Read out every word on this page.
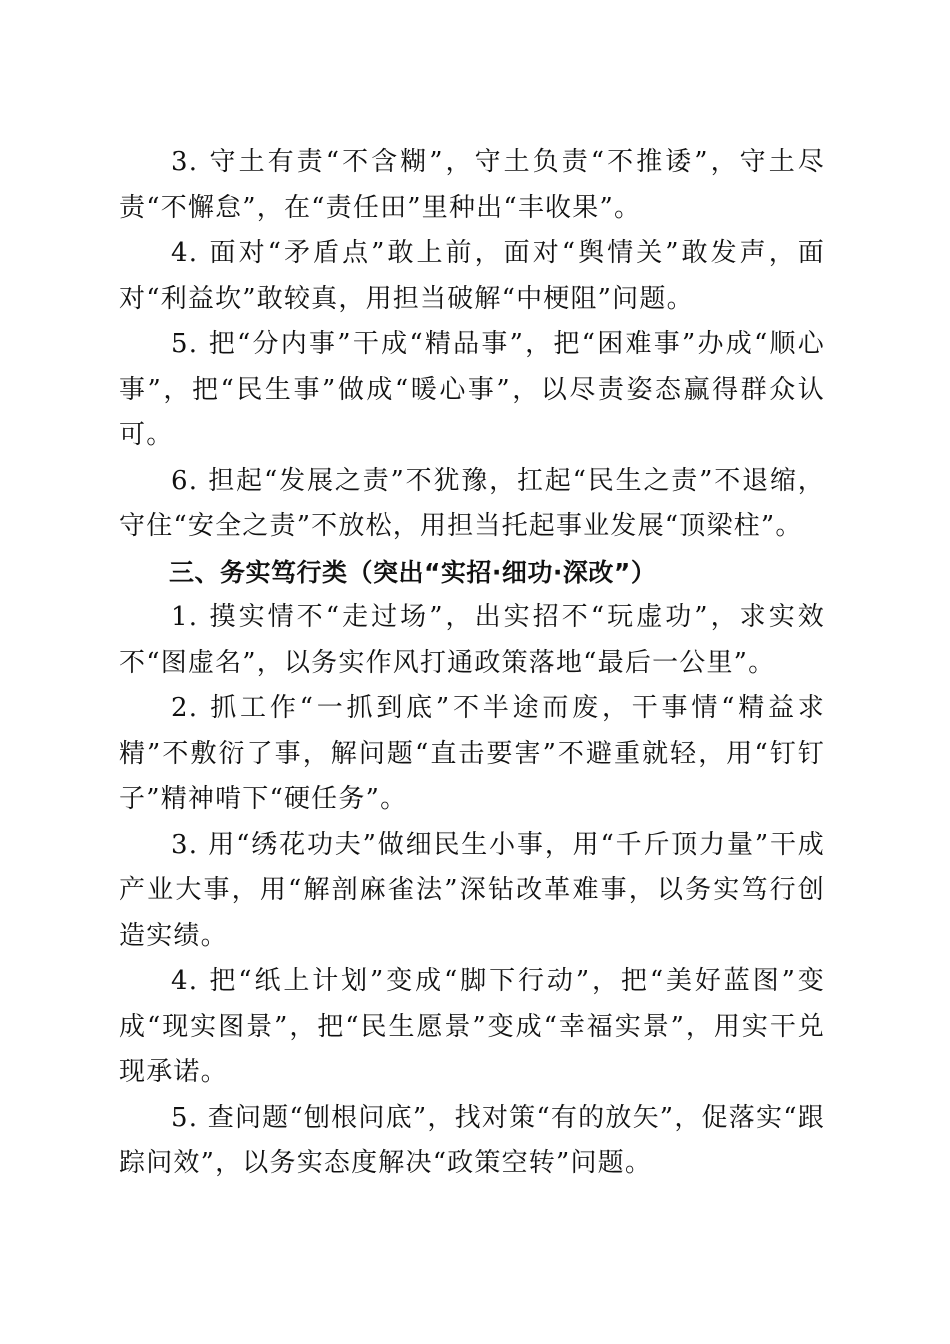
3. 守土有责“不含糊”，守土负责“不推诿”，守土尽责“不懈怠”，在“责任田”里种出“丰收果”。

4. 面对“矛盾点”敢上前，面对“舆情关”敢发声，面对“利益坎”敢较真，用担当破解“中梗阻”问题。

5. 把“分内事”干成“精品事”，把“困难事”办成“顺心事”，把“民生事”做成“暖心事”，以尽责姿态赢得群众认可。

6. 担起“发展之责”不犹豫，扛起“民生之责”不退缩，守住“安全之责”不放松，用担当托起事业发展“顶梁柱”。

三、务实笃行类（突出“实招·细功·深改”）

1. 摸实情不“走过场”，出实招不“玩虚功”，求实效不“图虚名”，以务实作风打通政策落地“最后一公里”。

2. 抓工作“一抓到底”不半途而废，干事情“精益求精”不敷衍了事，解问题“直击要害”不避重就轻，用“钉钉子”精神啃下“硬任务”。

3. 用“绣花功夫”做细民生小事，用“千斤顶力量”干成产业大事，用“解剖麻雀法”深钻改革难事，以务实笃行创造实绩。

4. 把“纸上计划”变成“脚下行动”，把“美好蓝图”变成“现实图景”，把“民生愿景”变成“幸福实景”，用实干兑现承诺。

5. 查问题“刨根问底”，找对策“有的放矢”，促落实“跟踪问效”，以务实态度解决“政策空转”问题。
